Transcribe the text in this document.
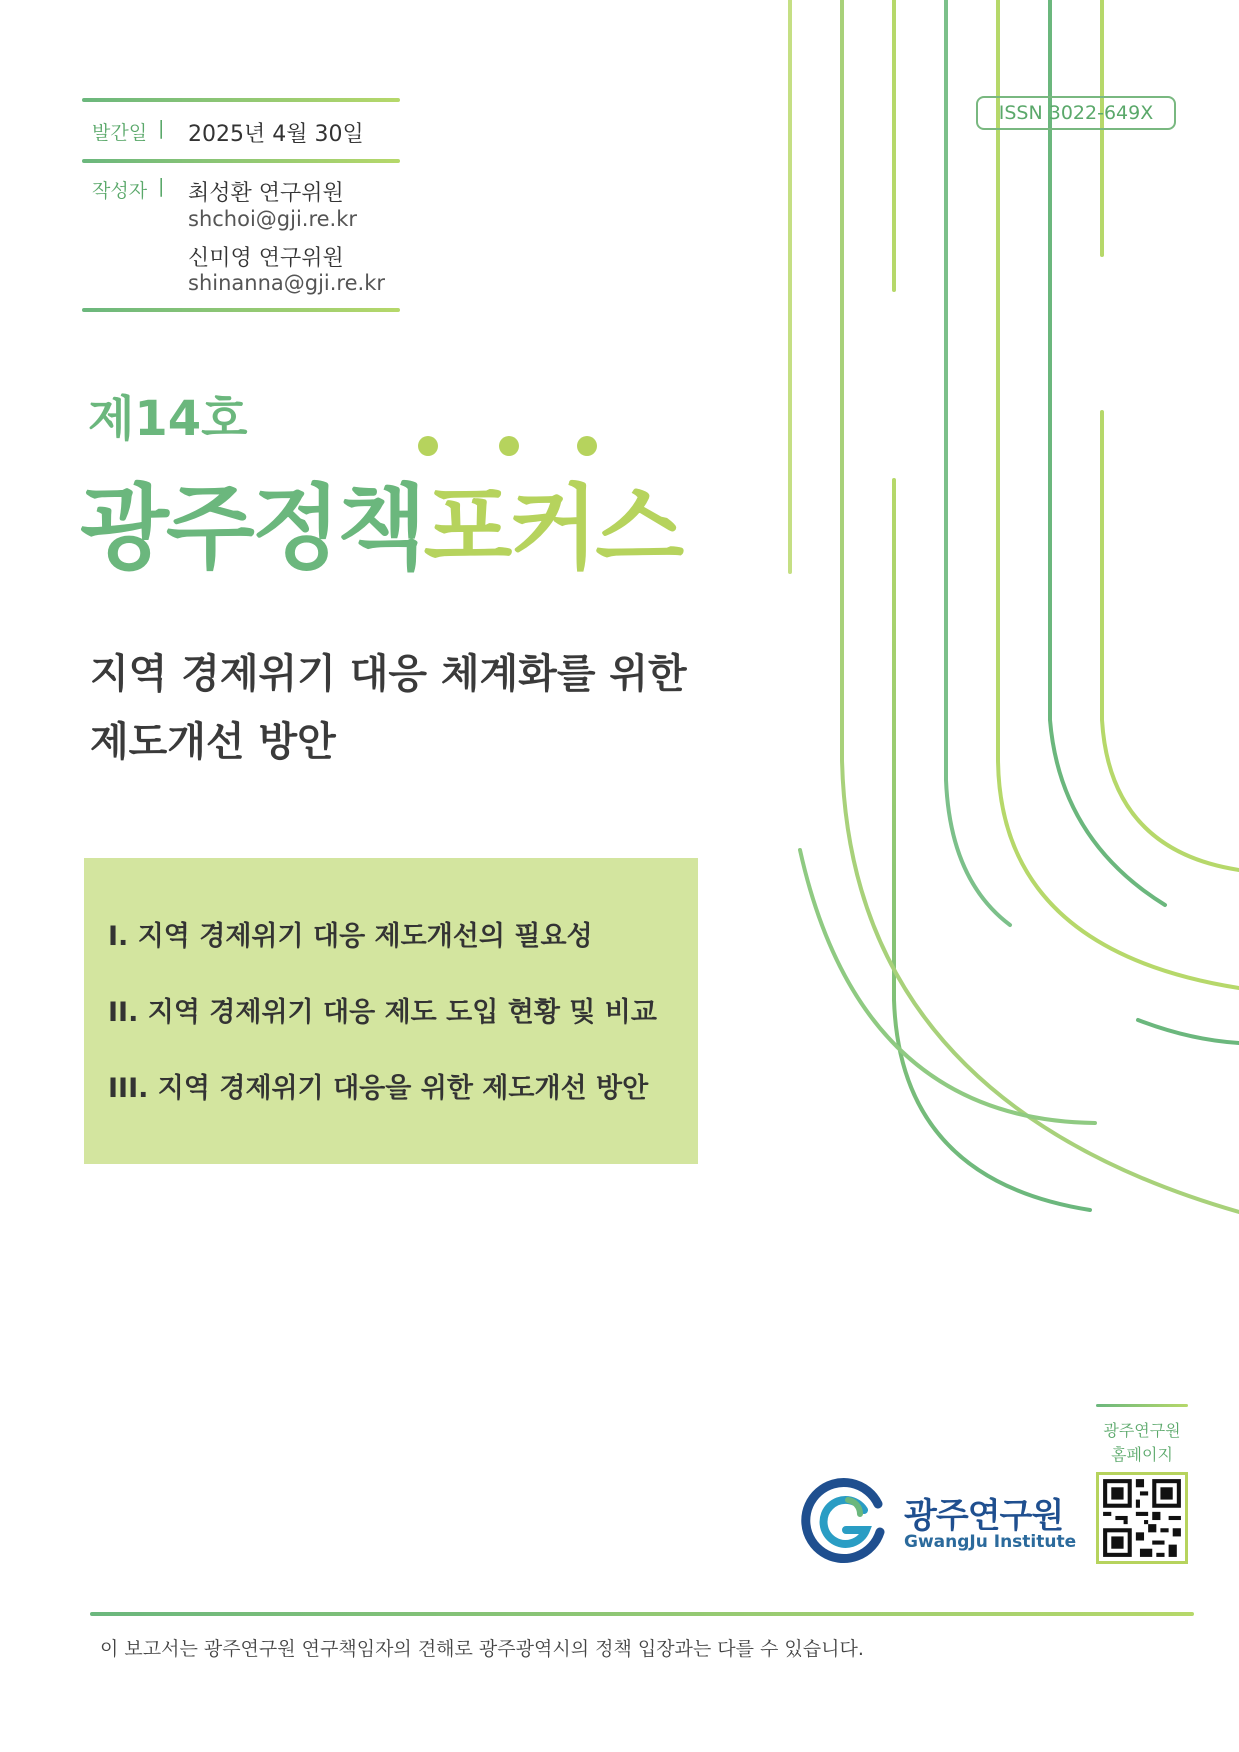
발간일 | 2025년 4월 30일
작성자 | 최성환 연구위원
shchoi@gji.re.kr
신미영 연구위원
shinanna@gji.re.kr
ISSN 3022-649X
제14호
광주정책포커스
지역 경제위기 대응 체계화를 위한
제도개선 방안
I. 지역 경제위기 대응 제도개선의 필요성
II. 지역 경제위기 대응 제도 도입 현황 및 비교
III. 지역 경제위기 대응을 위한 제도개선 방안
광주연구원
GwangJu Institute
광주연구원
홈페이지
이 보고서는 광주연구원 연구책임자의 견해로 광주광역시의 정책 입장과는 다를 수 있습니다.
